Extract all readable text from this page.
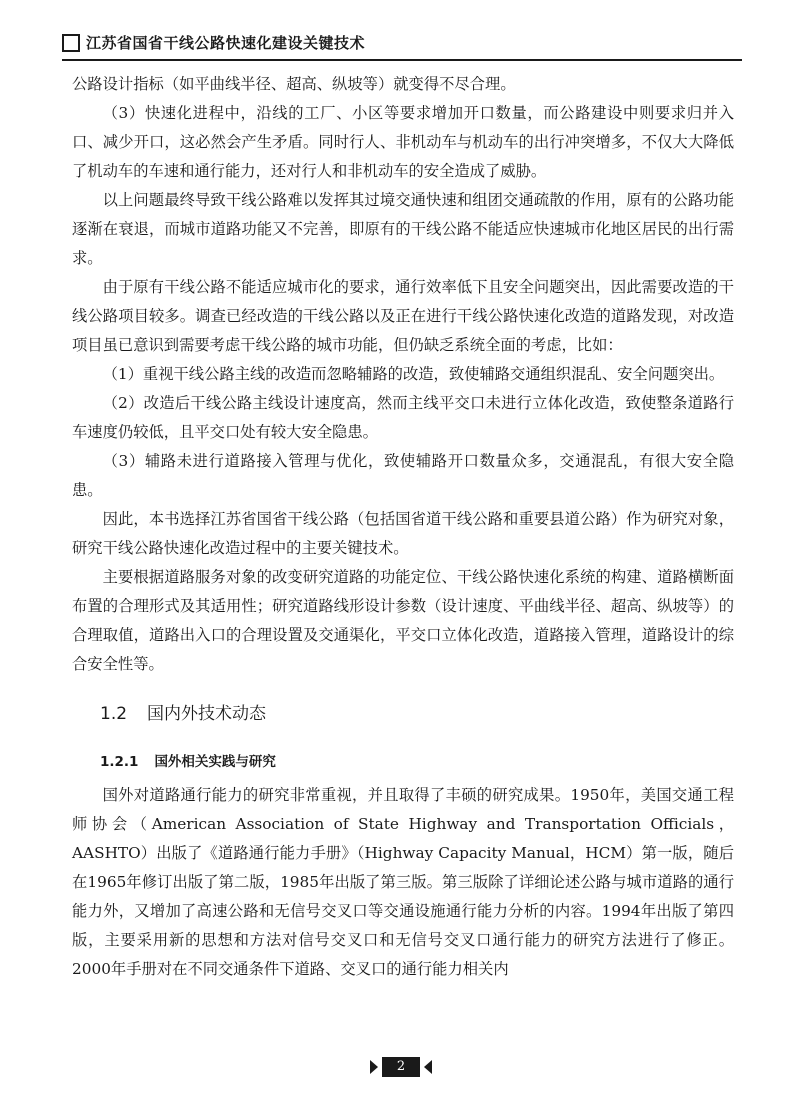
江苏省国省干线公路快速化建设关键技术

公路设计指标（如平曲线半径、超高、纵坡等）就变得不尽合理。

（3）快速化进程中，沿线的工厂、小区等要求增加开口数量，而公路建设中则要求归并入口、减少开口，这必然会产生矛盾。同时行人、非机动车与机动车的出行冲突增多，不仅大大降低了机动车的车速和通行能力，还对行人和非机动车的安全造成了威胁。

以上问题最终导致干线公路难以发挥其过境交通快速和组团交通疏散的作用，原有的公路功能逐渐在衰退，而城市道路功能又不完善，即原有的干线公路不能适应快速城市化地区居民的出行需求。

由于原有干线公路不能适应城市化的要求，通行效率低下且安全问题突出，因此需要改造的干线公路项目较多。调查已经改造的干线公路以及正在进行干线公路快速化改造的道路发现，对改造项目虽已意识到需要考虑干线公路的城市功能，但仍缺乏系统全面的考虑，比如：

（1）重视干线公路主线的改造而忽略辅路的改造，致使辅路交通组织混乱、安全问题突出。

（2）改造后干线公路主线设计速度高，然而主线平交口未进行立体化改造，致使整条道路行车速度仍较低，且平交口处有较大安全隐患。

（3）辅路未进行道路接入管理与优化，致使辅路开口数量众多，交通混乱，有很大安全隐患。

因此，本书选择江苏省国省干线公路（包括国省道干线公路和重要县道公路）作为研究对象，研究干线公路快速化改造过程中的主要关键技术。

主要根据道路服务对象的改变研究道路的功能定位、干线公路快速化系统的构建、道路横断面布置的合理形式及其适用性；研究道路线形设计参数（设计速度、平曲线半径、超高、纵坡等）的合理取值，道路出入口的合理设置及交通渠化，平交口立体化改造，道路接入管理，道路设计的综合安全性等。

1.2 国内外技术动态
1.2.1 国外相关实践与研究

国外对道路通行能力的研究非常重视，并且取得了丰硕的研究成果。1950年，美国交通工程师协会（American Association of State Highway and Transportation Officials，AASHTO）出版了《道路通行能力手册》（Highway Capacity Manual，HCM）第一版，随后在1965年修订出版了第二版，1985年出版了第三版。第三版除了详细论述公路与城市道路的通行能力外，又增加了高速公路和无信号交叉口等交通设施通行能力分析的内容。1994年出版了第四版，主要采用新的思想和方法对信号交叉口和无信号交叉口通行能力的研究方法进行了修正。2000年手册对在不同交通条件下道路、交叉口的通行能力相关内

2
